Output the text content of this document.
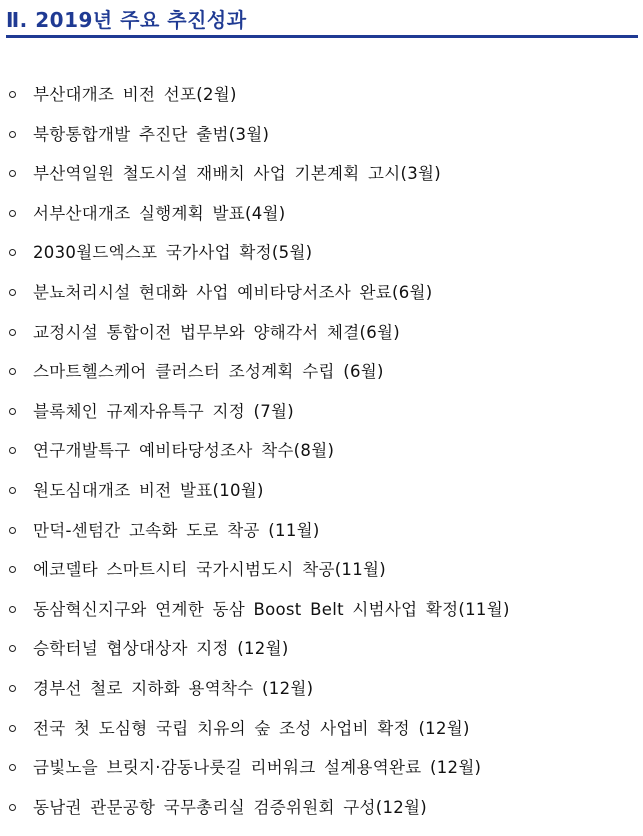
Ⅱ. 2019년 주요 추진성과
부산대개조 비전 선포(2월)
북항통합개발 추진단 출범(3월)
부산역일원 철도시설 재배치 사업 기본계획 고시(3월)
서부산대개조 실행계획 발표(4월)
2030월드엑스포 국가사업 확정(5월)
분뇨처리시설 현대화 사업 예비타당서조사 완료(6월)
교정시설 통합이전 법무부와 양해각서 체결(6월)
스마트헬스케어 클러스터 조성계획 수립 (6월)
블록체인 규제자유특구 지정 (7월)
연구개발특구 예비타당성조사 착수(8월)
원도심대개조 비전 발표(10월)
만덕-센텀간 고속화 도로 착공 (11월)
에코델타 스마트시티 국가시범도시 착공(11월)
동삼혁신지구와 연계한 동삼 Boost Belt 시범사업 확정(11월)
승학터널 협상대상자 지정 (12월)
경부선 철로 지하화 용역착수 (12월)
전국 첫 도심형 국립 치유의 숲 조성 사업비 확정 (12월)
금빛노을 브릿지·감동나룻길 리버워크 설계용역완료 (12월)
동남권 관문공항 국무총리실 검증위원회 구성(12월)
